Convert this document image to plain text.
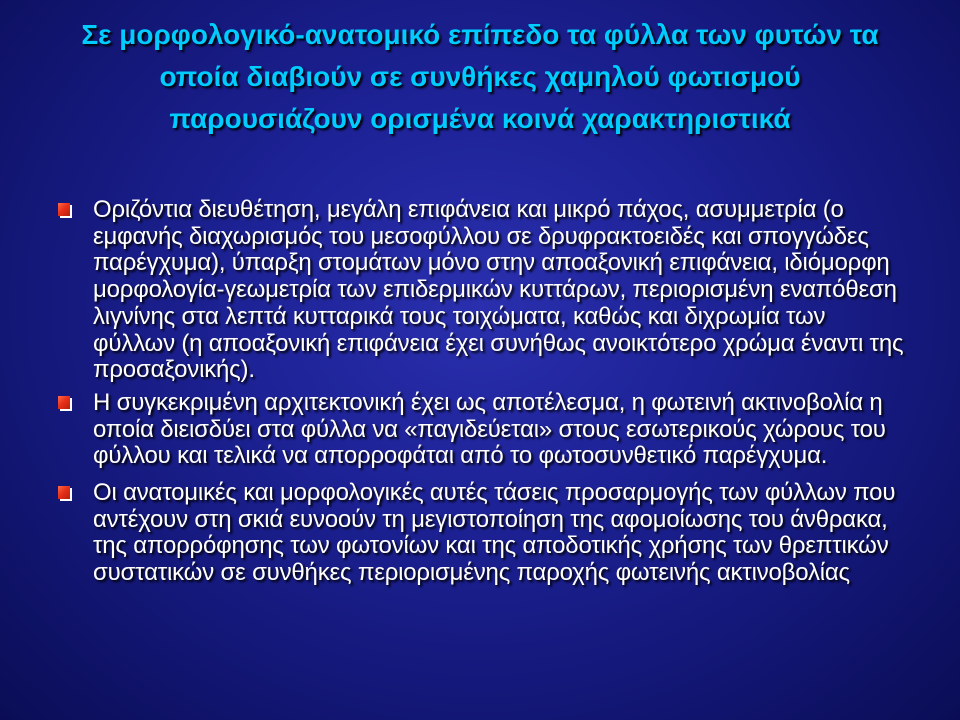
Σε μορφολογικό-ανατομικό επίπεδο τα φύλλα των φυτών τα οποία διαβιούν σε συνθήκες χαμηλού φωτισμού παρουσιάζουν ορισμένα κοινά χαρακτηριστικά
Οριζόντια διευθέτηση, μεγάλη επιφάνεια και μικρό πάχος, ασυμμετρία (ο εμφανής διαχωρισμός του μεσοφύλλου σε δρυφρακτοειδές και σπογγώδες παρέγχυμα), ύπαρξη στομάτων μόνο στην αποαξονική επιφάνεια, ιδιόμορφη μορφολογία-γεωμετρία των επιδερμικών κυττάρων, περιορισμένη εναπόθεση λιγνίνης στα λεπτά κυτταρικά τους τοιχώματα, καθώς και διχρωμία των φύλλων (η αποαξονική επιφάνεια έχει συνήθως ανοικτότερο χρώμα έναντι της προσαξονικής).
Η συγκεκριμένη αρχιτεκτονική έχει ως αποτέλεσμα, η φωτεινή ακτινοβολία η οποία διεισδύει στα φύλλα να «παγιδεύεται» στους εσωτερικούς χώρους του φύλλου και τελικά να απορροφάται από το φωτοσυνθετικό παρέγχυμα.
Οι ανατομικές και μορφολογικές αυτές τάσεις προσαρμογής των φύλλων που αντέχουν στη σκιά ευνοούν τη μεγιστοποίηση της αφομοίωσης του άνθρακα, της απορρόφησης των φωτονίων και της αποδοτικής χρήσης των θρεπτικών συστατικών σε συνθήκες περιορισμένης παροχής φωτεινής ακτινοβολίας
